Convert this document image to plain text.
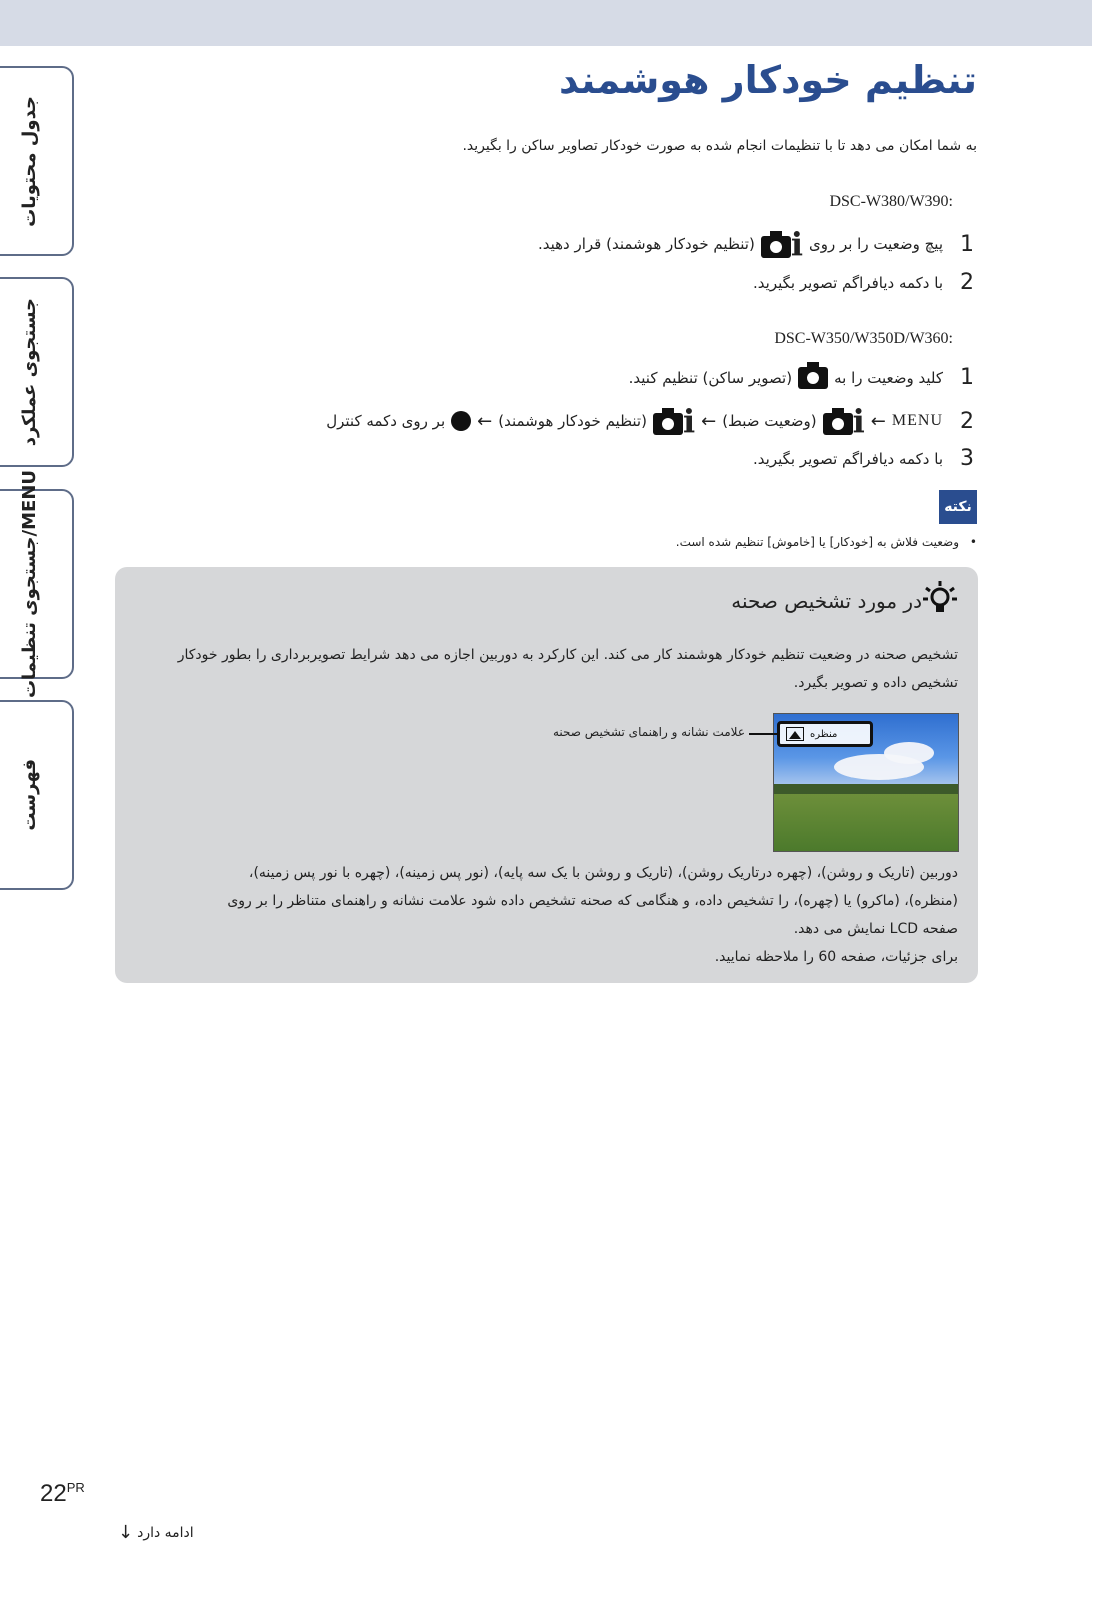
جدول محتویات
جستجوی عملکرد
جستجوی تنظیمات/MENU
فهرست
تنظیم خودکار هوشمند
به شما امکان می دهد تا با تنظیمات انجام شده به صورت خودکار تصاویر ساکن را بگیرید.
:DSC-W380/W390
1
پیچ وضعیت را بر روی
i
(تنظیم خودکار هوشمند) قرار دهید.
2
با دکمه دیافراگم تصویر بگیرید.
:DSC-W350/W350D/W360
1
کلید وضعیت را به
(تصویر ساکن) تنظیم کنید.
2
MENU
←
i
(وضعیت ضبط)
←
i
(تنظیم خودکار هوشمند)
←
بر روی دکمه کنترل
3
با دکمه دیافراگم تصویر بگیرید.
نکته
وضعیت فلاش به [خودکار] یا [خاموش] تنظیم شده است. •
در مورد تشخیص صحنه
تشخیص صحنه در وضعیت تنظیم خودکار هوشمند کار می کند. این کارکرد به دوربین اجازه می دهد شرایط تصویربرداری را بطور خودکار تشخیص داده و تصویر بگیرد.
منظره
علامت نشانه و راهنمای تشخیص صحنه
دوربین (تاریک و روشن)، (چهره درتاریک روشن)، (تاریک و روشن با یک سه پایه)، (نور پس زمینه)، (چهره با نور پس زمینه)،
(منظره)، (ماکرو) یا (چهره)، را تشخیص داده، و هنگامی که صحنه تشخیص داده شود علامت نشانه و راهنمای متناظر را بر روی
صفحه LCD نمایش می دهد.
برای جزئیات، صفحه 60 را ملاحظه نمایید.
$22^{PR}$
ادامه دارد
↓
